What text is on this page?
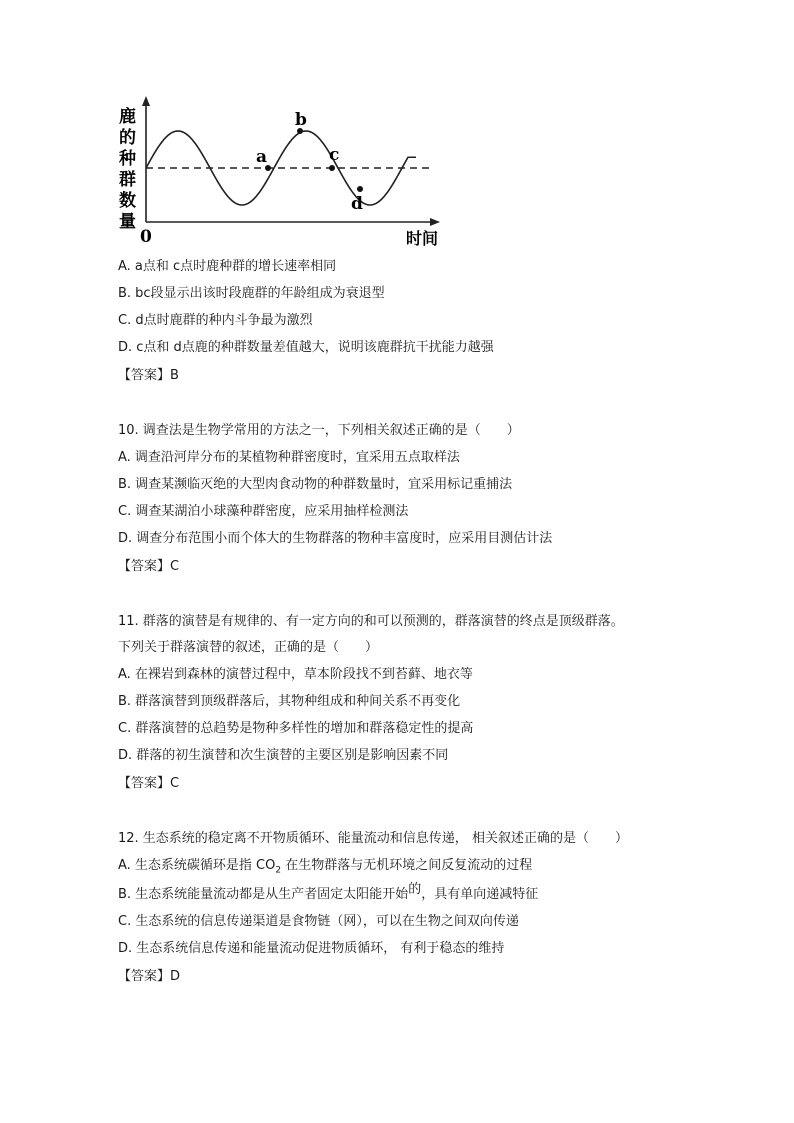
鹿
的
种
群
数
量
a
b
c
d
0	时间
A. a点和 c点时鹿种群的增长速率相同
B. bc段显示出该时段鹿群的年龄组成为衰退型
C. d点时鹿群的种内斗争最为激烈
D. c点和 d点鹿的种群数量差值越大，说明该鹿群抗干扰能力越强
【答案】B
10. 调查法是生物学常用的方法之一，下列相关叙述正确的是（　　）
A. 调查沿河岸分布的某植物种群密度时，宜采用五点取样法
B. 调查某濒临灭绝的大型肉食动物的种群数量时，宜采用标记重捕法
C. 调查某湖泊小球藻种群密度，应采用抽样检测法
D. 调查分布范围小而个体大的生物群落的物种丰富度时，应采用目测估计法
【答案】C
11. 群落的演替是有规律的、有一定方向的和可以预测的，群落演替的终点是顶级群落。
下列关于群落演替的叙述，正确的是（　　）
A. 在裸岩到森林的演替过程中，草本阶段找不到苔藓、地衣等
B. 群落演替到顶级群落后，其物种组成和种间关系不再变化
C. 群落演替的总趋势是物种多样性的增加和群落稳定性的提高
D. 群落的初生演替和次生演替的主要区别是影响因素不同
【答案】C
12. 生态系统的稳定离不开物质循环、能量流动和信息传递， 相关叙述正确的是（　　）
A. 生态系统碳循环是指 $CO_2$ 在生物群落与无机环境之间反复流动的过程
B. 生态系统能量流动都是从生产者固定太阳能开始的，具有单向递减特征
C. 生态系统的信息传递渠道是食物链（网），可以在生物之间双向传递
D. 生态系统信息传递和能量流动促进物质循环， 有利于稳态的维持
【答案】D
